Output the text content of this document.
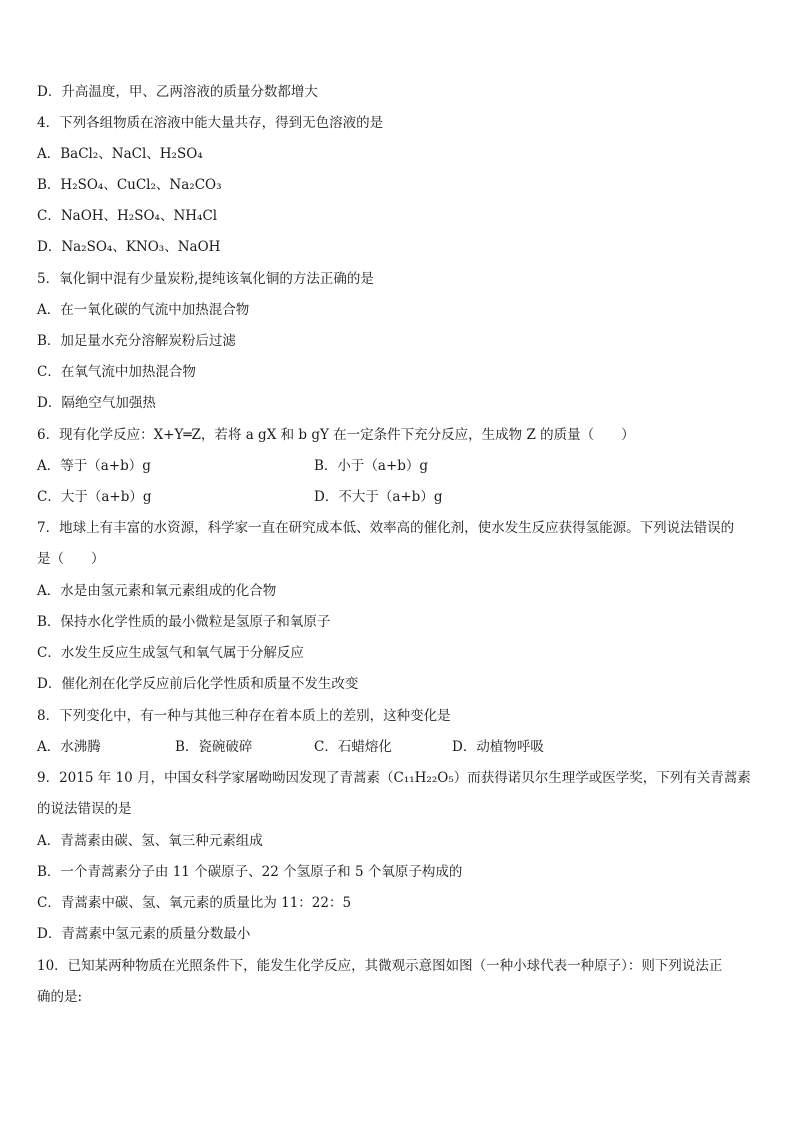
D．升高温度，甲、乙两溶液的质量分数都增大
4．下列各组物质在溶液中能大量共存，得到无色溶液的是
A．BaCl₂、NaCl、H₂SO₄
B．H₂SO₄、CuCl₂、Na₂CO₃
C．NaOH、H₂SO₄、NH₄Cl
D．Na₂SO₄、KNO₃、NaOH
5．氧化铜中混有少量炭粉,提纯该氧化铜的方法正确的是
A．在一氧化碳的气流中加热混合物
B．加足量水充分溶解炭粉后过滤
C．在氧气流中加热混合物
D．隔绝空气加强热
6．现有化学反应：X+Y═Z，若将 a gX 和 b gY 在一定条件下充分反应，生成物 Z 的质量（　　）
A．等于（a+b）g	B．小于（a+b）g
C．大于（a+b）g	D．不大于（a+b）g
7．地球上有丰富的水资源，科学家一直在研究成本低、效率高的催化剂，使水发生反应获得氢能源。下列说法错误的
是（　　）
A．水是由氢元素和氧元素组成的化合物
B．保持水化学性质的最小微粒是氢原子和氧原子
C．水发生反应生成氢气和氧气属于分解反应
D．催化剂在化学反应前后化学性质和质量不发生改变
8．下列变化中，有一种与其他三种存在着本质上的差别，这种变化是
A．水沸腾	B．瓷碗破碎	C．石蜡熔化	D．动植物呼吸
9．2015 年 10 月，中国女科学家屠呦呦因发现了青蒿素（C₁₁H₂₂O₅）而获得诺贝尔生理学或医学奖，下列有关青蒿素
的说法错误的是
A．青蒿素由碳、氢、氧三种元素组成
B．一个青蒿素分子由 11 个碳原子、22 个氢原子和 5 个氧原子构成的
C．青蒿素中碳、氢、氧元素的质量比为 11：22：5
D．青蒿素中氢元素的质量分数最小
10．已知某两种物质在光照条件下，能发生化学反应，其微观示意图如图（一种小球代表一种原子）：则下列说法正
确的是:
